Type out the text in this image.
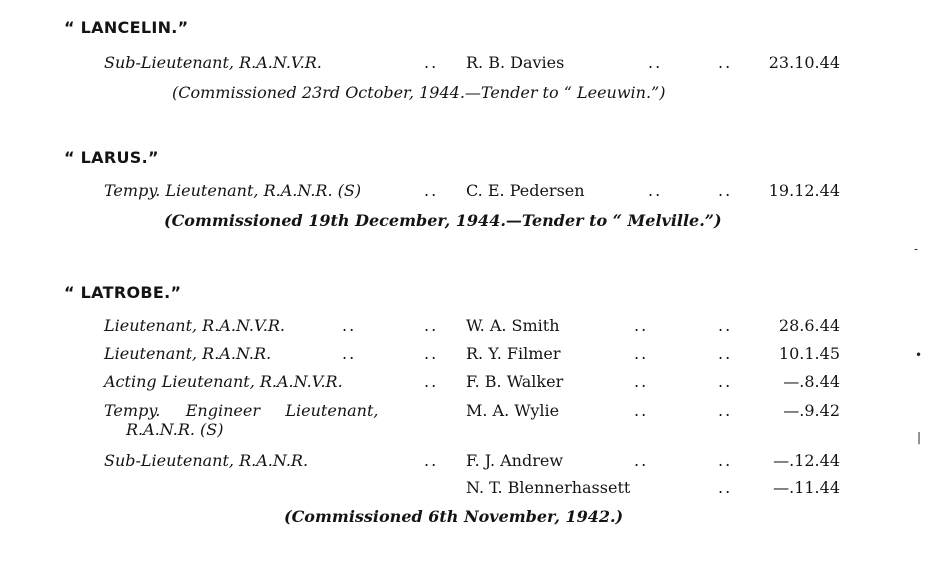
“ LANCELIN.”
Sub-Lieutenant, R.A.N.V.R.	.. R. B. Davies	..	..	23.10.44
(Commissioned 23rd October, 1944.—Tender to “ Leeuwin.”)
“ LARUS.”
Tempy. Lieutenant, R.A.N.R. (S)	.. C. E. Pedersen	..	..	19.12.44
(Commissioned 19th December, 1944.—Tender to “ Melville.”)
“ LATROBE.”
Lieutenant, R.A.N.V.R.	..	.. W. A. Smith	..	..	28.6.44
Lieutenant, R.A.N.R.	..	.. R. Y. Filmer	..	..	10.1.45
Acting Lieutenant, R.A.N.V.R.	.. F. B. Walker	..	..	—.8.44
Tempy.     Engineer     Lieutenant,	M. A. Wylie	..	..	—.9.42
R.A.N.R. (S)
Sub-Lieutenant, R.A.N.R.	.. F. J. Andrew	..	..	—.12.44
N. T. Blennerhassett	..	—.11.44
(Commissioned 6th November, 1942.)
-
•
|
